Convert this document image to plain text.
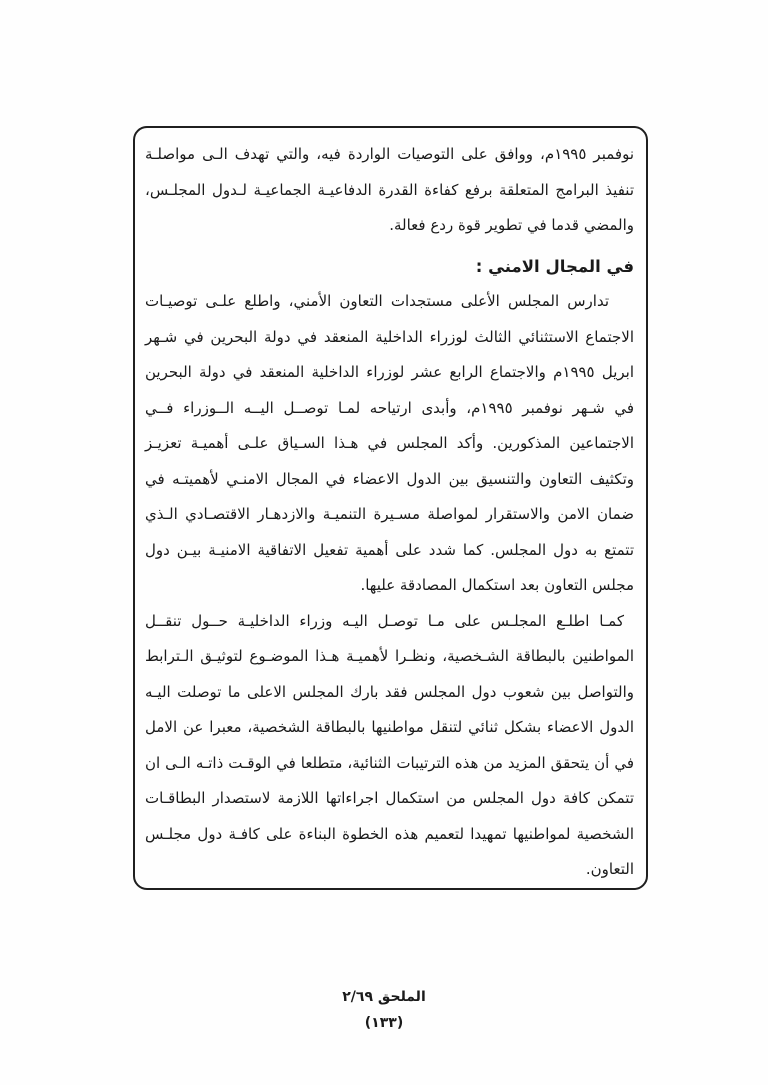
نوفمبر ١٩٩٥م، ووافق على التوصيات الواردة فيه، والتي تهدف الـى مواصلـة

تنفيذ البرامج المتعلقة برفع كفاءة القدرة الدفاعيـة الجماعيـة لـدول المجلـس،

والمضي قدما في تطوير قوة ردع فعالة.

في المجال الامني :

تدارس المجلس الأعلى مستجدات التعاون الأمني، واطلع علـى توصيـات

الاجتماع الاستثنائي الثالث لوزراء الداخلية المنعقد في دولة البحرين في شـهر

ابريل ١٩٩٥م والاجتماع الرابع عشر لوزراء الداخلية المنعقد في دولة البحرين

في شـهر نوفمبر ١٩٩٥م، وأبدى ارتياحه لمـا توصــل اليــه الــوزراء فــي

الاجتماعين المذكورين. وأكد المجلس في هـذا السـياق علـى أهميـة تعزيـز

وتكثيف التعاون والتنسيق بين الدول الاعضاء في المجال الامنـي لأهميتـه في

ضمان الامن والاستقرار لمواصلة مسـيرة التنميـة والازدهـار الاقتصـادي الـذي

تتمتع به دول المجلس. كما شدد على أهمية تفعيل الاتفاقية الامنيـة بيـن دول

مجلس التعاون بعد استكمال المصادقة عليها.

كمـا اطلـع المجلـس على مـا توصـل اليـه وزراء الداخليـة حــول تنقــل

المواطنين بالبطاقة الشـخصية، ونظـرا لأهميـة هـذا الموضـوع لتوثيـق الـترابط

والتواصل بين شعوب دول المجلس فقد بارك المجلس الاعلى ما توصلت اليـه

الدول الاعضاء بشكل ثنائي لتنقل مواطنيها بالبطاقة الشخصية، معبرا عن الامل

في أن يتحقق المزيد من هذه الترتيبات الثنائية، متطلعا في الوقـت ذاتـه الـى ان

تتمكن كافة دول المجلس من استكمال اجراءاتها اللازمة لاستصدار البطاقـات

الشخصية لمواطنيها تمهيدا لتعميم هذه الخطوة البناءة على كافـة دول مجلـس

التعاون.

الملحق ٢/٦٩
(١٣٣)
